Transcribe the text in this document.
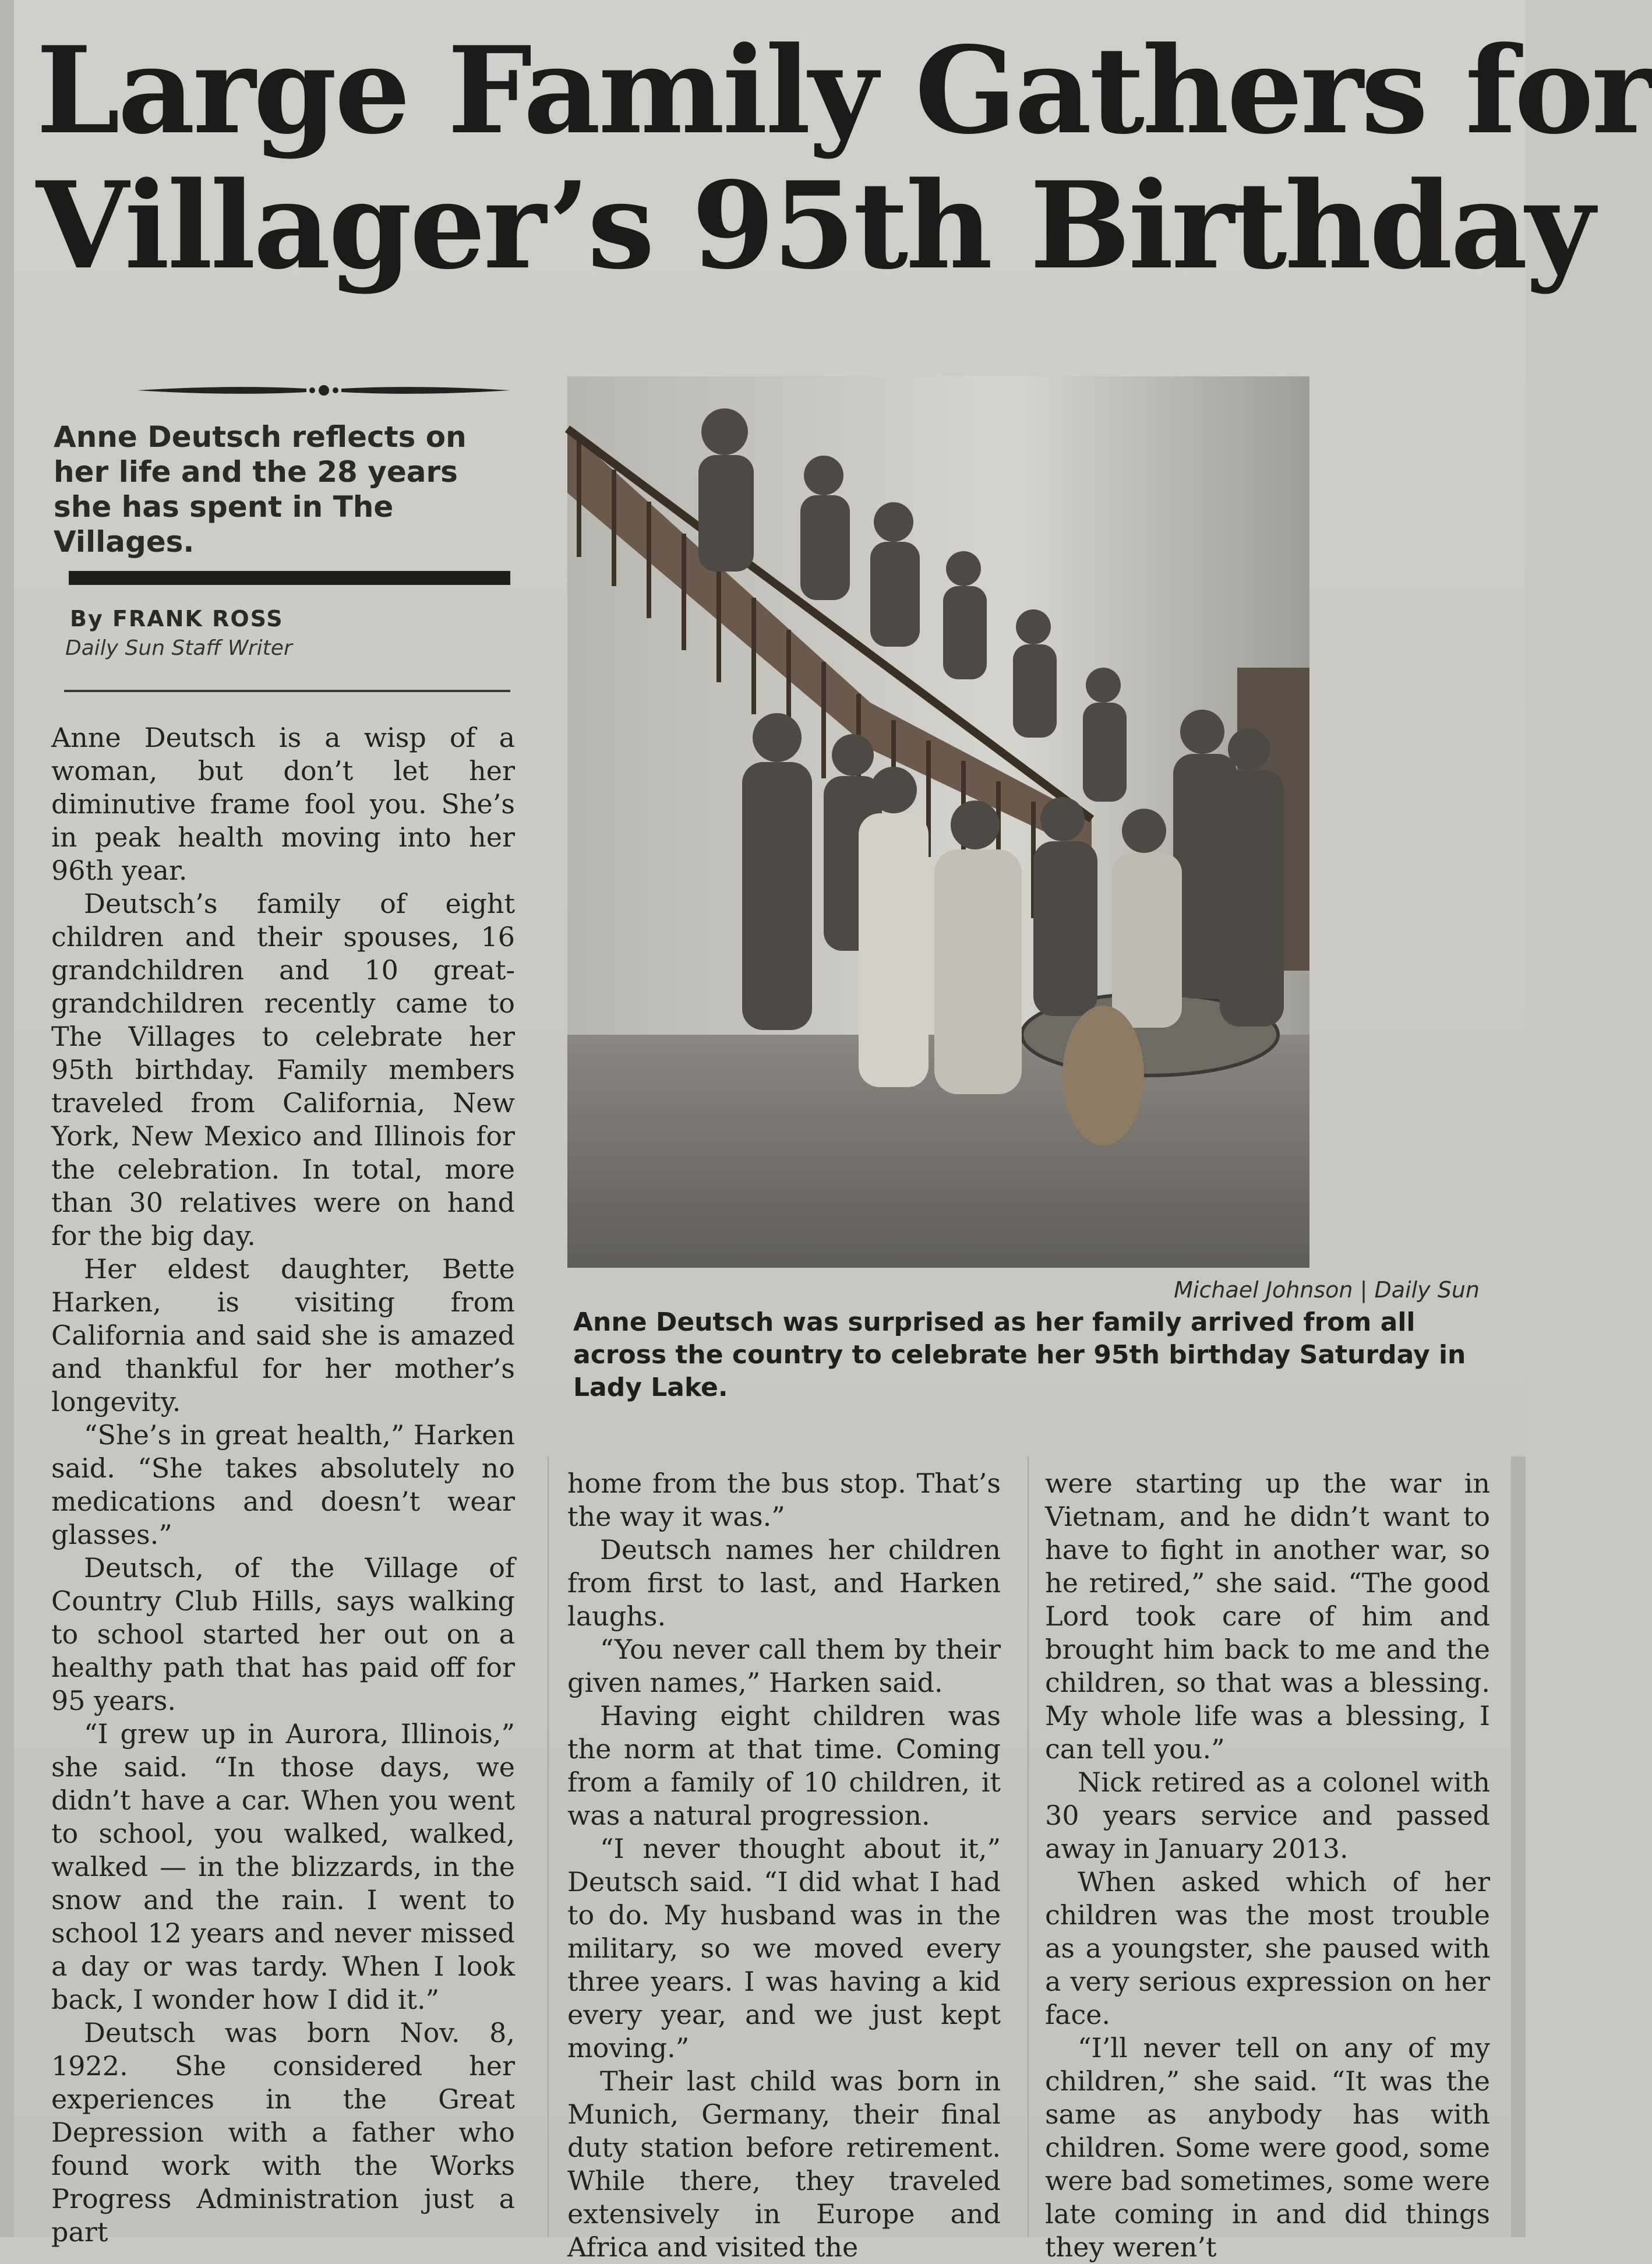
Large Family Gathers for
Villager’s 95th Birthday
Anne Deutsch reflects on her life and the 28 years she has spent in The Villages.
By FRANK ROSS
Daily Sun Staff Writer
Michael Johnson | Daily Sun
Anne Deutsch was surprised as her family arrived from all across the country to celebrate her 95th birthday Saturday in Lady Lake.

Anne Deutsch is a wisp of a woman, but don’t let her diminutive frame fool you. She’s in peak health moving into her 96th year.

Deutsch’s family of eight children and their spouses, 16 grandchildren and 10 great-grandchildren recently came to The Villages to celebrate her 95th birthday. Family members traveled from California, New York, New Mexico and Illinois for the celebration. In total, more than 30 relatives were on hand for the big day.

Her eldest daughter, Bette Harken, is visiting from California and said she is amazed and thankful for her mother’s longevity.

“She’s in great health,” Harken said. “She takes absolutely no medications and doesn’t wear glasses.”

Deutsch, of the Village of Country Club Hills, says walking to school started her out on a healthy path that has paid off for 95 years.

“I grew up in Aurora, Illinois,” she said. “In those days, we didn’t have a car. When you went to school, you walked, walked, walked — in the blizzards, in the snow and the rain. I went to school 12 years and never missed a day or was tardy. When I look back, I wonder how I did it.”

Deutsch was born Nov. 8, 1922. She considered her experiences in the Great Depression with a father who found work with the Works Progress Administration just a part

home from the bus stop. That’s the way it was.”

Deutsch names her children from first to last, and Harken laughs.

“You never call them by their given names,” Harken said.

Having eight children was the norm at that time. Coming from a family of 10 children, it was a natural progression.

“I never thought about it,” Deutsch said. “I did what I had to do. My husband was in the military, so we moved every three years. I was having a kid every year, and we just kept moving.”

Their last child was born in Munich, Germany, their final duty station before retirement. While there, they traveled extensively in Europe and Africa and visited the

were starting up the war in Vietnam, and he didn’t want to have to fight in another war, so he retired,” she said. “The good Lord took care of him and brought him back to me and the children, so that was a blessing. My whole life was a blessing, I can tell you.”

Nick retired as a colonel with 30 years service and passed away in January 2013.

When asked which of her children was the most trouble as a youngster, she paused with a very serious expression on her face.

“I’ll never tell on any of my children,” she said. “It was the same as anybody has with children. Some were good, some were bad sometimes, some were late coming in and did things they weren’t
